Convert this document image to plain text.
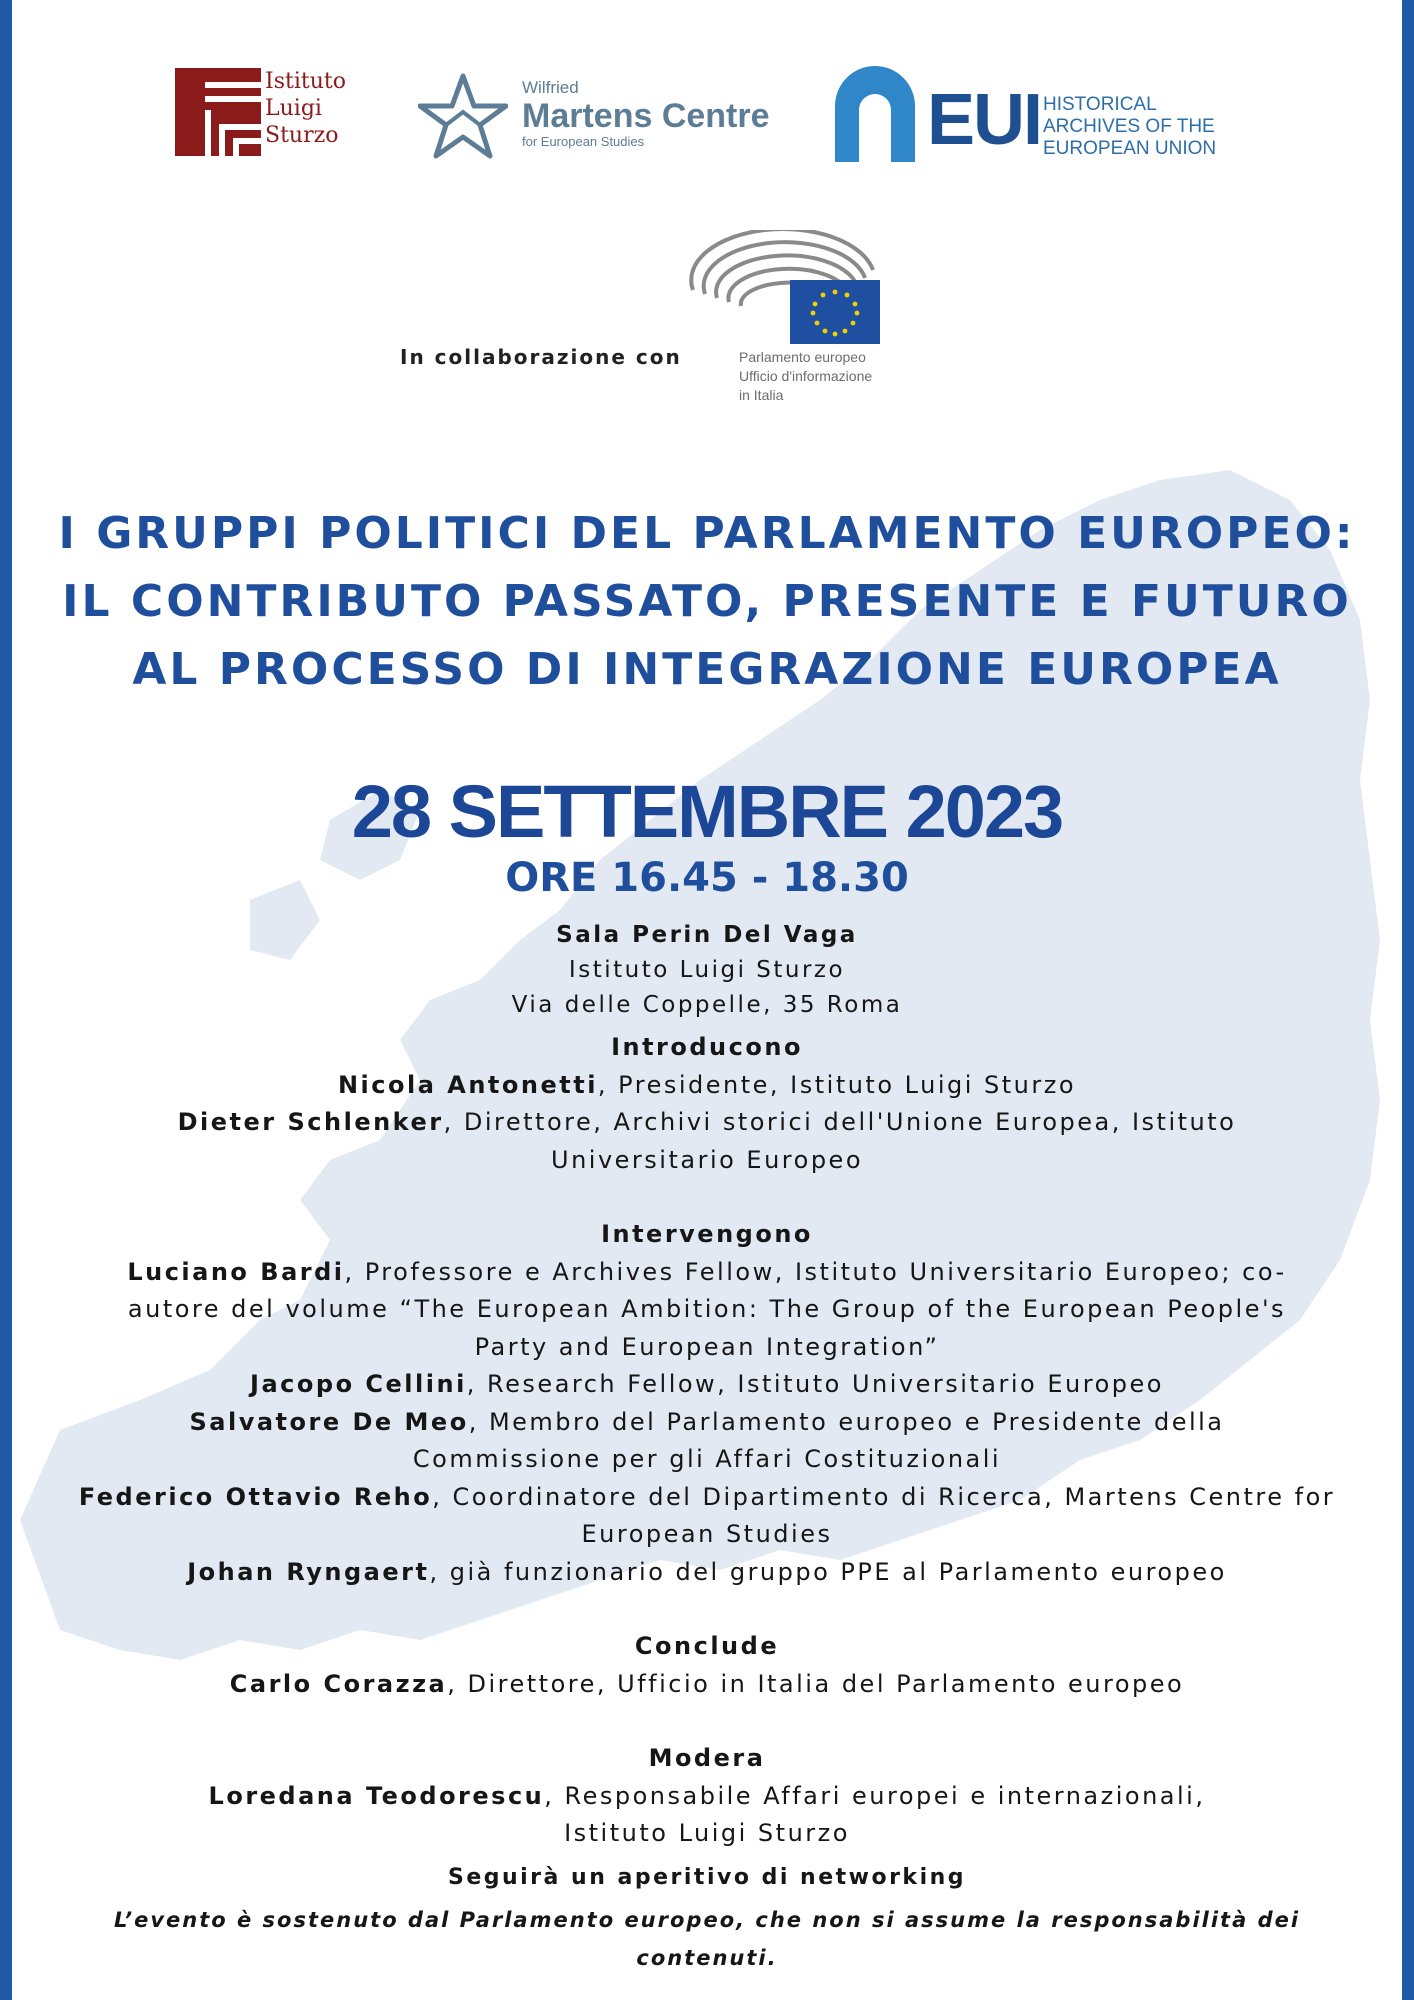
Istituto
Luigi
Sturzo
Wilfried
Martens Centre
for European Studies	EUI HISTORICAL
ARCHIVES OF THE
EUROPEAN UNION
In collaborazione con	Parlamento europeo
Ufficio d'informazione
in Italia
I GRUPPI POLITICI DEL PARLAMENTO EUROPEO:
IL CONTRIBUTO PASSATO, PRESENTE E FUTURO
AL PROCESSO DI INTEGRAZIONE EUROPEA
28 SETTEMBRE 2023
ORE 16.45 - 18.30

Sala Perin Del Vaga

Istituto Luigi Sturzo

Via delle Coppelle, 35 Roma

Introducono

Nicola Antonetti, Presidente, Istituto Luigi Sturzo

Dieter Schlenker, Direttore, Archivi storici dell'Unione Europea, Istituto Universitario Europeo

Intervengono

Luciano Bardi, Professore e Archives Fellow, Istituto Universitario Europeo; co-autore del volume “The European Ambition: The Group of the European People's Party and European Integration”

Jacopo Cellini, Research Fellow, Istituto Universitario Europeo

Salvatore De Meo, Membro del Parlamento europeo e Presidente della Commissione per gli Affari Costituzionali

Federico Ottavio Reho, Coordinatore del Dipartimento di Ricerca, Martens Centre for European Studies

Johan Ryngaert, già funzionario del gruppo PPE al Parlamento europeo

Conclude

Carlo Corazza, Direttore, Ufficio in Italia del Parlamento europeo

Modera

Loredana Teodorescu, Responsabile Affari europei e internazionali, Istituto Luigi Sturzo

Seguirà un aperitivo di networking

L’evento è sostenuto dal Parlamento europeo, che non si assume la responsabilità dei contenuti.
